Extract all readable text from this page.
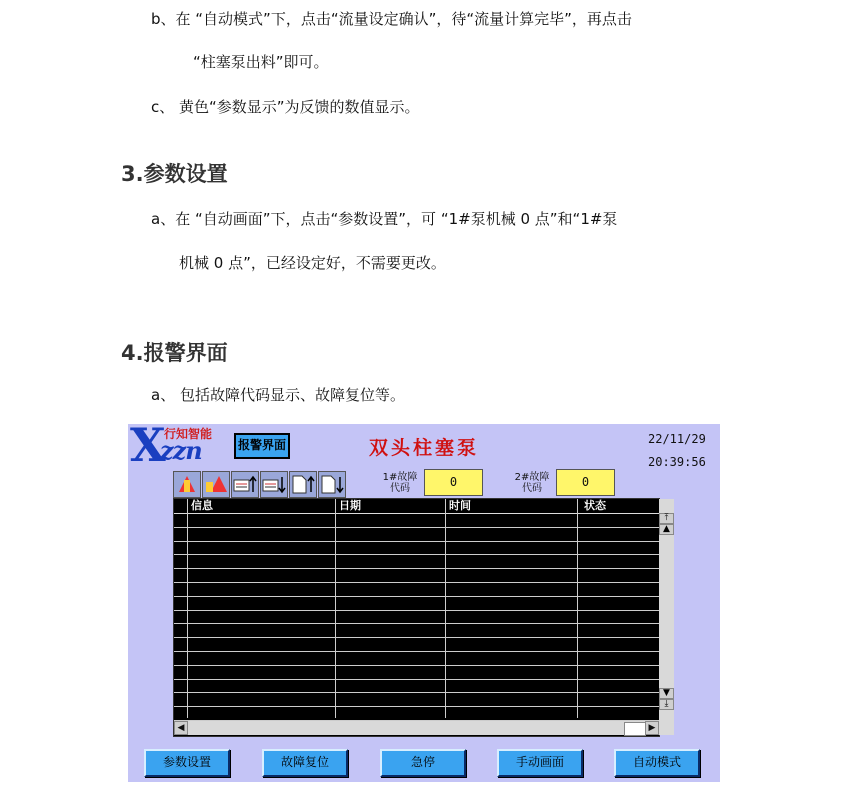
b、在 “自动模式”下，点击“流量设定确认”，待“流量计算完毕”，再点击
“柱塞泵出料”即可。
c、 黄色“参数显示”为反馈的数值显示。
3.参数设置
a、在 “自动画面”下，点击“参数设置”，可 “1#泵机械 0 点”和“1#泵
机械 0 点”，已经设定好，不需要更改。
4.报警界面
a、 包括故障代码显示、故障复位等。
X
zzn
行知智能
报警界面	双头柱塞泵	22/11/29
20:39:56
1#故障
代码	0	2#故障
代码	0
信息	日期	时间	状态
⤒
▲
▼
⤓
◀	▶
参数设置	故障复位	急停	手动画面	自动模式
